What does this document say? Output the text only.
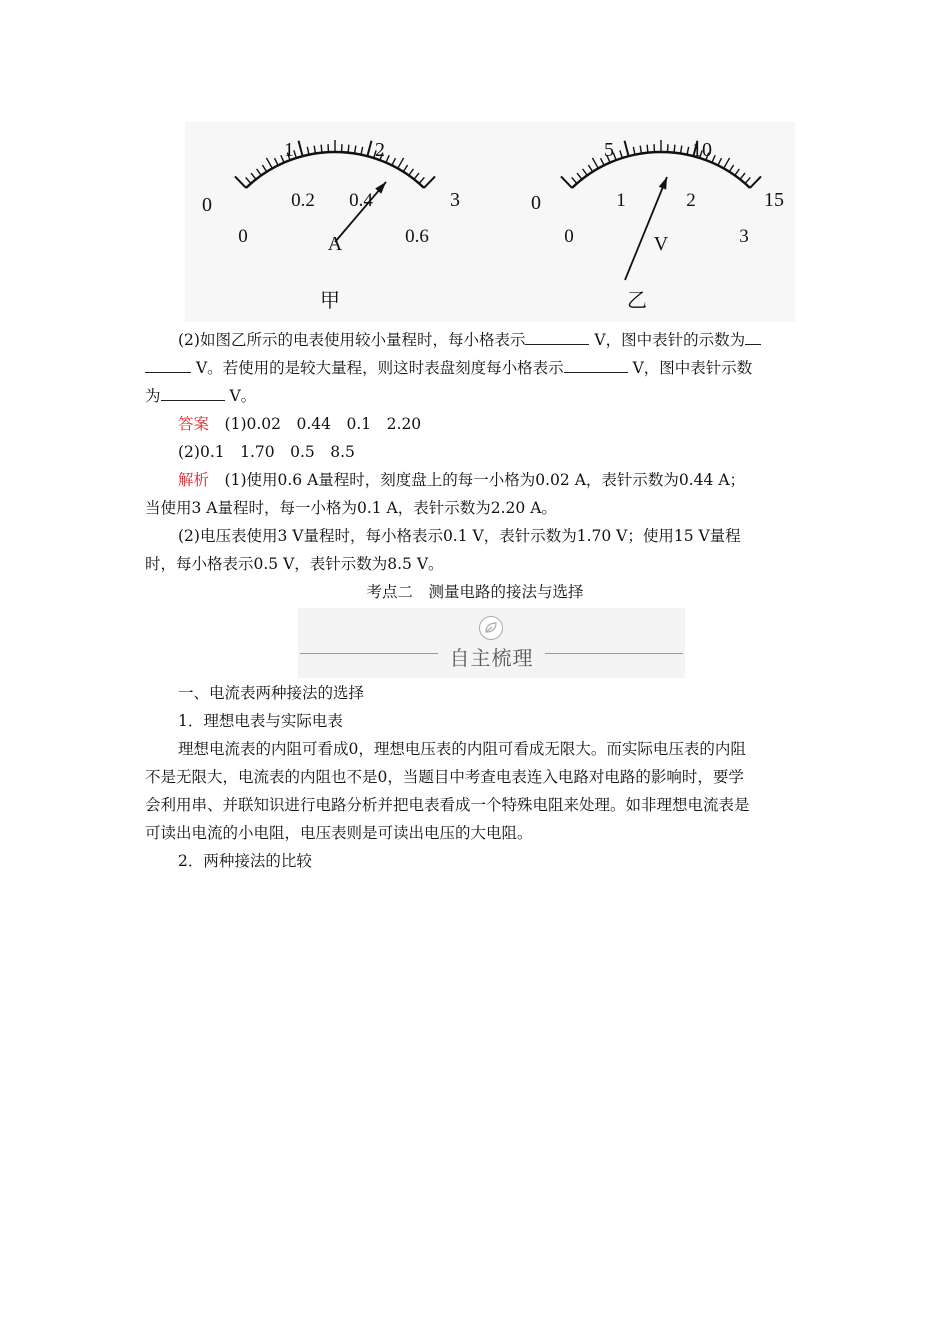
0
1	2
3
0
0.2 0.4
0.6
A
甲
0
5	10
15
0
1	2
3
V
乙
(2)如图乙所示的电表使用较小量程时，每小格表示	V，图中表针的示数为
V。若使用的是较大量程，则这时表盘刻度每小格表示	V，图中表针示数
为	V。
答案　 (1)0.02　0.44　0.1　2.20
(2)0.1　1.70　0.5　8.5
解析　 (1)使用0.6 A量程时，刻度盘上的每一小格为0.02 A，表针示数为0.44 A；
当使用3 A量程时，每一小格为0.1 A，表针示数为2.20 A。
(2)电压表使用3 V量程时，每小格表示0.1 V，表针示数为1.70 V；使用15 V量程
时，每小格表示0.5 V，表针示数为8.5 V。
考点二　测量电路的接法与选择
自主梳理
一、电流表两种接法的选择
1．理想电表与实际电表
理想电流表的内阻可看成0，理想电压表的内阻可看成无限大。而实际电压表的内阻
不是无限大，电流表的内阻也不是0，当题目中考查电表连入电路对电路的影响时，要学
会利用串、并联知识进行电路分析并把电表看成一个特殊电阻来处理。如非理想电流表是
可读出电流的小电阻，电压表则是可读出电压的大电阻。
2．两种接法的比较
